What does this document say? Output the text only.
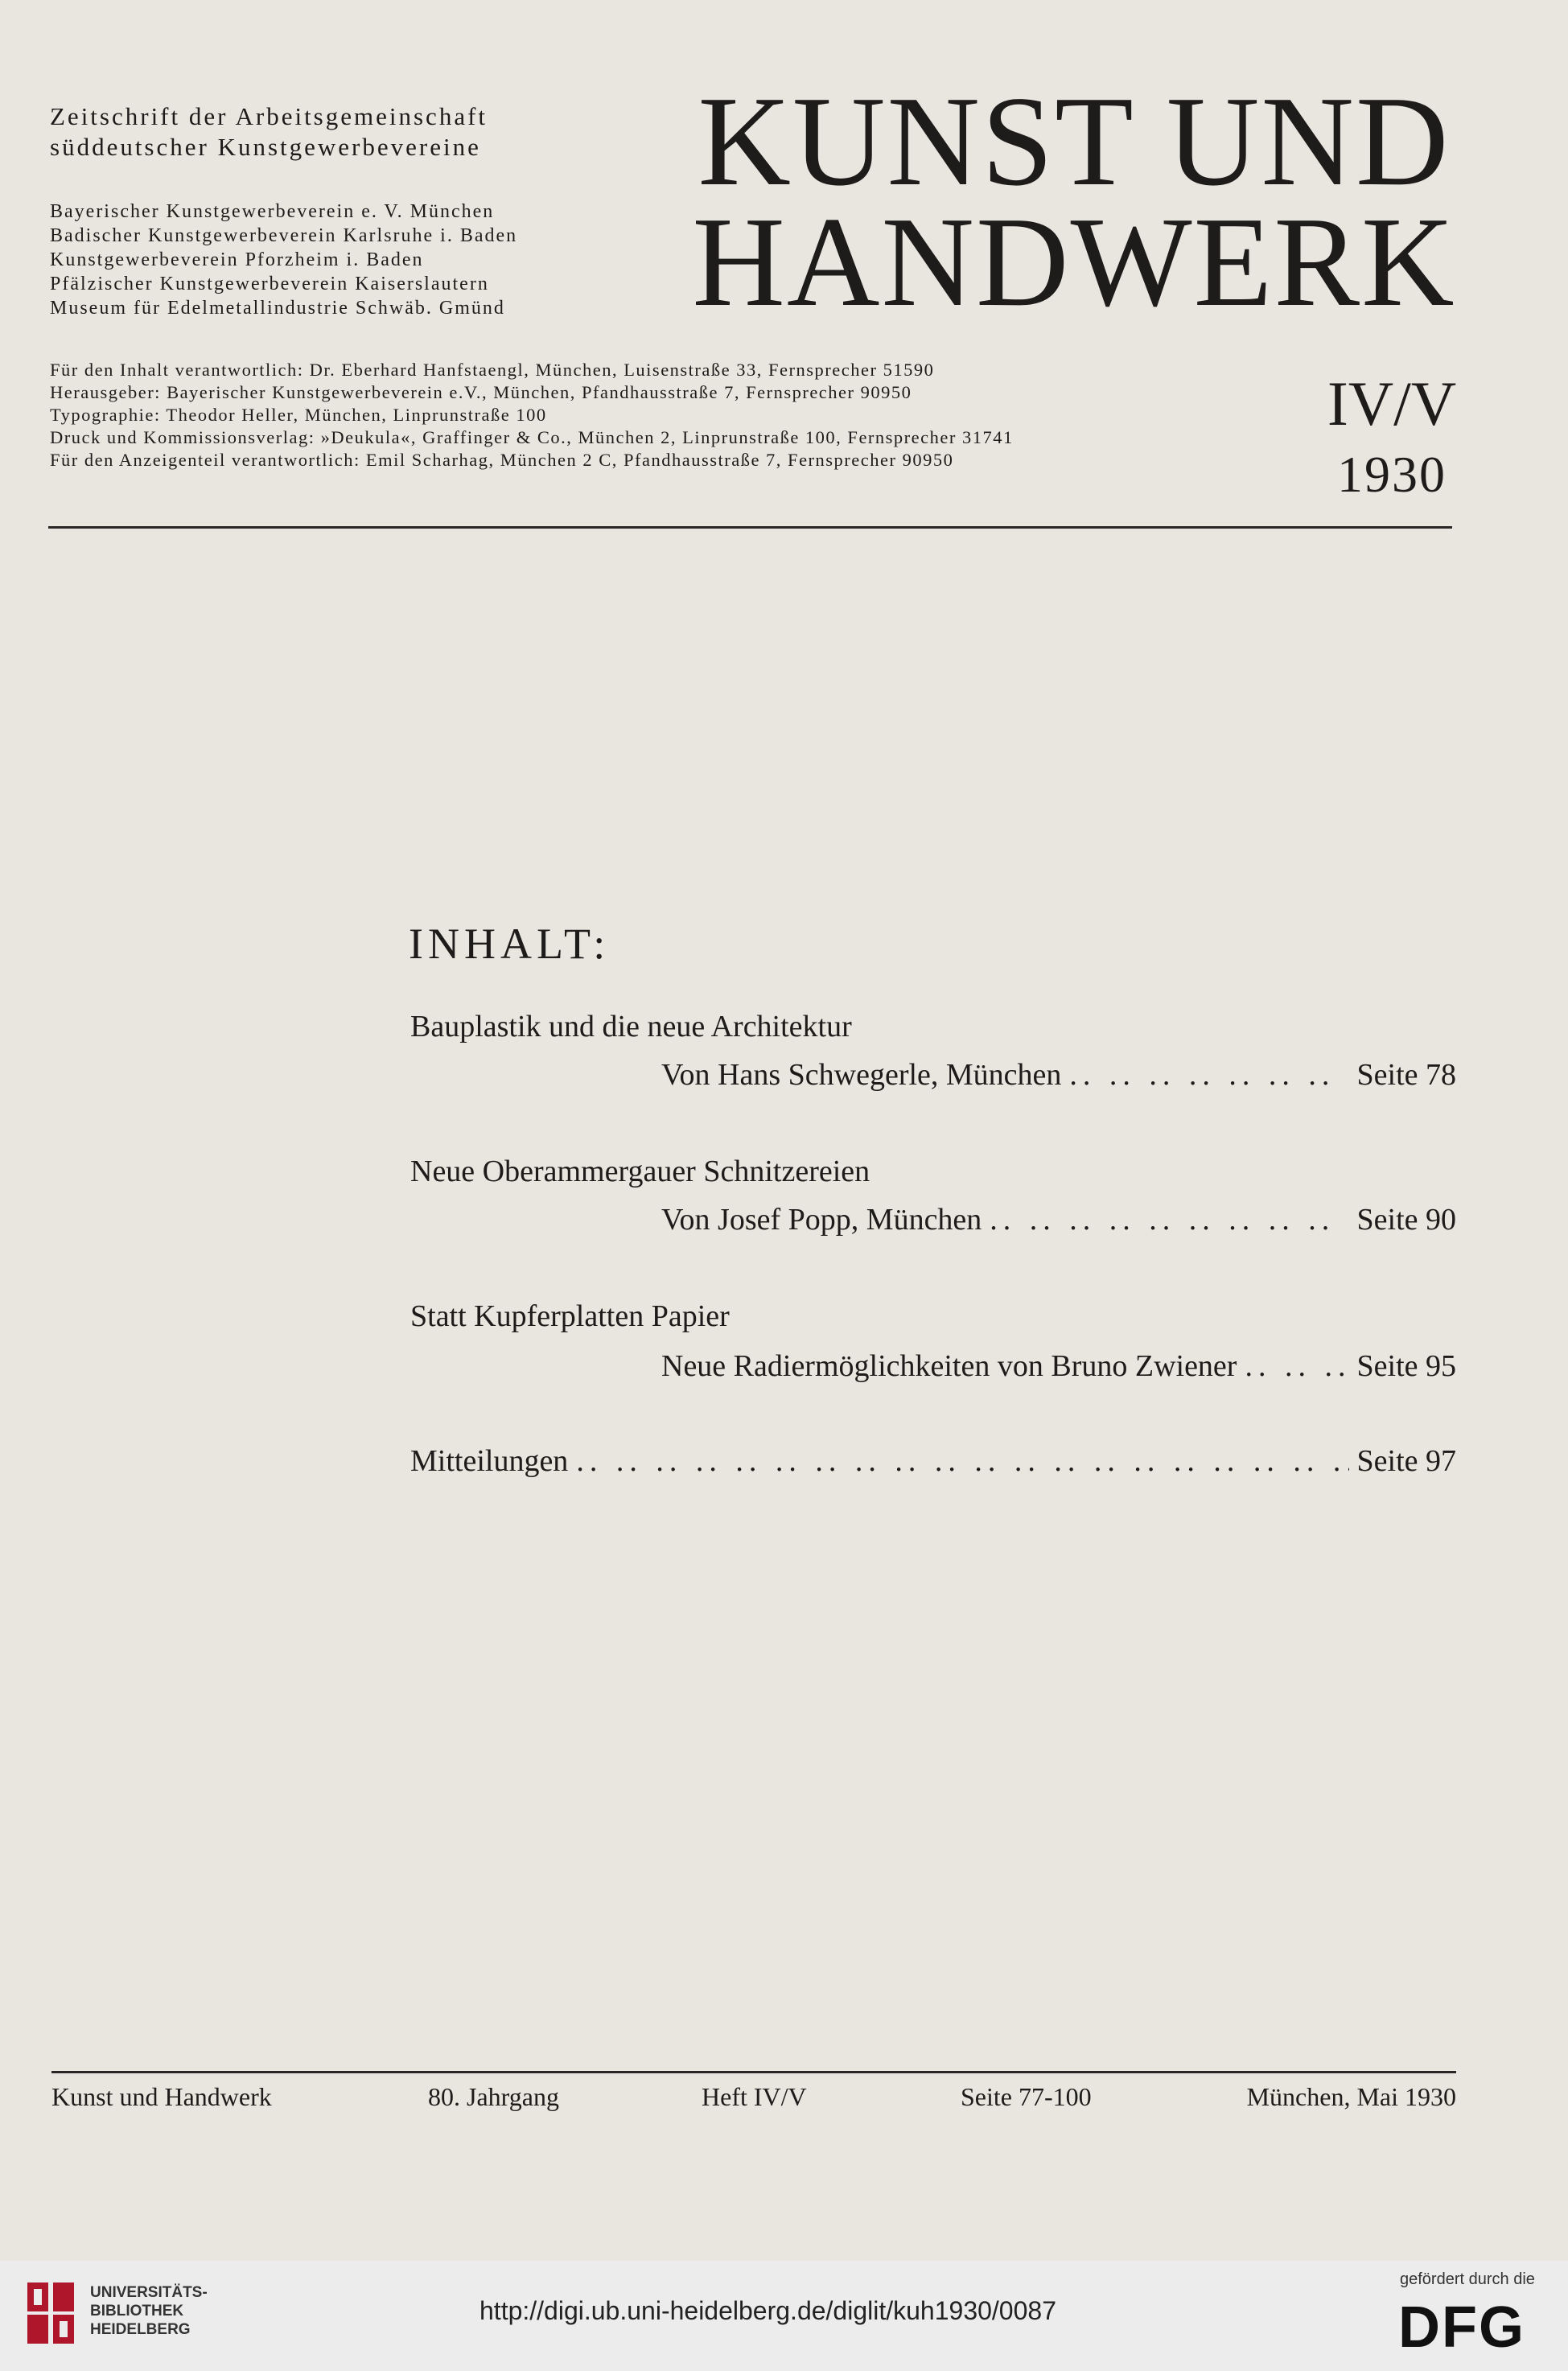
Zeitschrift der Arbeitsgemeinschaft
süddeutscher Kunstgewerbevereine
Bayerischer Kunstgewerbeverein e. V. München
Badischer Kunstgewerbeverein Karlsruhe i. Baden
Kunstgewerbeverein Pforzheim i. Baden
Pfälzischer Kunstgewerbeverein Kaiserslautern
Museum für Edelmetallindustrie Schwäb. Gmünd
KUNST UND
HANDWERK
Für den Inhalt verantwortlich: Dr. Eberhard Hanfstaengl, München, Luisenstraße 33, Fernsprecher 51590
Herausgeber: Bayerischer Kunstgewerbeverein e.V., München, Pfandhausstraße 7, Fernsprecher 90950
Typographie: Theodor Heller, München, Linprunstraße 100
Druck und Kommissionsverlag: »Deukula«, Graffinger & Co., München 2, Linprunstraße 100, Fernsprecher 31741
Für den Anzeigenteil verantwortlich: Emil Scharhag, München 2 C, Pfandhausstraße 7, Fernsprecher 90950
IV/V
1930
INHALT:
Bauplastik und die neue Architektur
Von Hans Schwegerle, München .. ..	Seite 78
Neue Oberammergauer Schnitzereien
Von Josef Popp, München .. ..	Seite 90
Statt Kupferplatten Papier
Neue Radiermöglichkeiten von Bruno Zwiener .. ..	Seite 95
Mitteilungen .. ..	Seite 97
Kunst und Handwerk	80. Jahrgang	Heft IV/V	Seite 77-100	München, Mai 1930
UNIVERSITÄTS-
BIBLIOTHEK
HEIDELBERG
http://digi.ub.uni-heidelberg.de/diglit/kuh1930/0087
gefördert durch die
DFG
